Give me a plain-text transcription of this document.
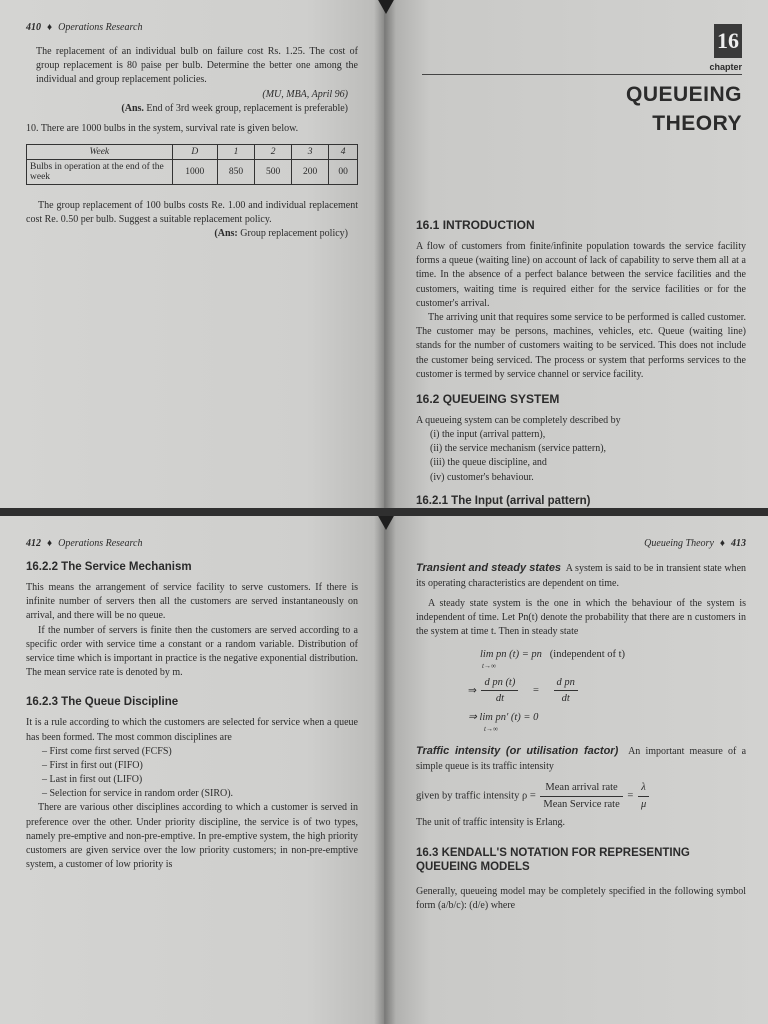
410 ♦ Operations Research

The replacement of an individual bulb on failure cost Rs. 1.25. The cost of group replacement is 80 paise per bulb. Determine the better one among the individual and group replacement policies.

(MU, MBA, April 96)
(Ans. End of 3rd week group, replacement is preferable)

10. There are 1000 bulbs in the system, survival rate is given below.

Week	D	1	2	3	4
Bulbs in operation at the end of the week	1000	850	500	200	00

The group replacement of 100 bulbs costs Re. 1.00 and individual replacement cost Re. 0.50 per bulb. Suggest a suitable replacement policy.

(Ans: Group replacement policy)
16
chapter
QUEUEING
THEORY
16.1 INTRODUCTION

A flow of customers from finite/infinite population towards the service facility forms a queue (waiting line) on account of lack of capability to serve them all at a time. In the absence of a perfect balance between the service facilities and the customers, waiting time is required either for the service facilities or for the customer's arrival.

The arriving unit that requires some service to be performed is called customer. The customer may be persons, machines, vehicles, etc. Queue (waiting line) stands for the number of customers waiting to be serviced. This does not include the customer being serviced. The process or system that performs services to the customer is termed by service channel or service facility.

16.2 QUEUEING SYSTEM

A queueing system can be completely described by

(i) the input (arrival pattern),
(ii) the service mechanism (service pattern),
(iii) the queue discipline, and
(iv) customer's behaviour.
16.2.1 The Input (arrival pattern)

412 ♦ Operations Research
16.2.2 The Service Mechanism

This means the arrangement of service facility to serve customers. If there is infinite number of servers then all the customers are served instantaneously on arrival, and there will be no queue.

If the number of servers is finite then the customers are served according to a specific order with service time a constant or a random variable. Distribution of service time which is important in practice is the negative exponential distribution. The mean service rate is denoted by m.

16.2.3 The Queue Discipline

It is a rule according to which the customers are selected for service when a queue has been formed. The most common disciplines are

– First come first served (FCFS)
– First in first out (FIFO)
– Last in first out (LIFO)
– Selection for service in random order (SIRO).

There are various other disciplines according to which a customer is served in preference over the other. Under priority discipline, the service is of two types, namely pre-emptive and non-pre-emptive. In pre-emptive system, the high priority customers are given service over the low priority customers; in non-pre-emptive system, a customer of low priority is

Queueing Theory ♦ 413

Transient and steady states A system is said to be in transient state when its operating characteristics are dependent on time.

A steady state system is the one in which the behaviour of the system is independent of time. Let Pn(t) denote the probability that there are n customers in the system at time t. Then in steady state

lim pn (t) = pn (independent of t)
t→∞
⇒ $\frac{\text{d pn (t)}}{dt} = \frac{\text{d pn}}{dt}$
⇒ lim pn′ (t) = 0
t→∞

Traffic intensity (or utilisation factor) An important measure of a simple queue is its traffic intensity

given by traffic intensity $\rho = \frac{\text{Mean arrival rate}}{\text{Mean Service rate}} = \frac{\lambda}{\mu}$

The unit of traffic intensity is Erlang.

16.3 KENDALL'S NOTATION FOR REPRESENTING QUEUEING MODELS

Generally, queueing model may be completely specified in the following symbol form (a/b/c): (d/e) where
